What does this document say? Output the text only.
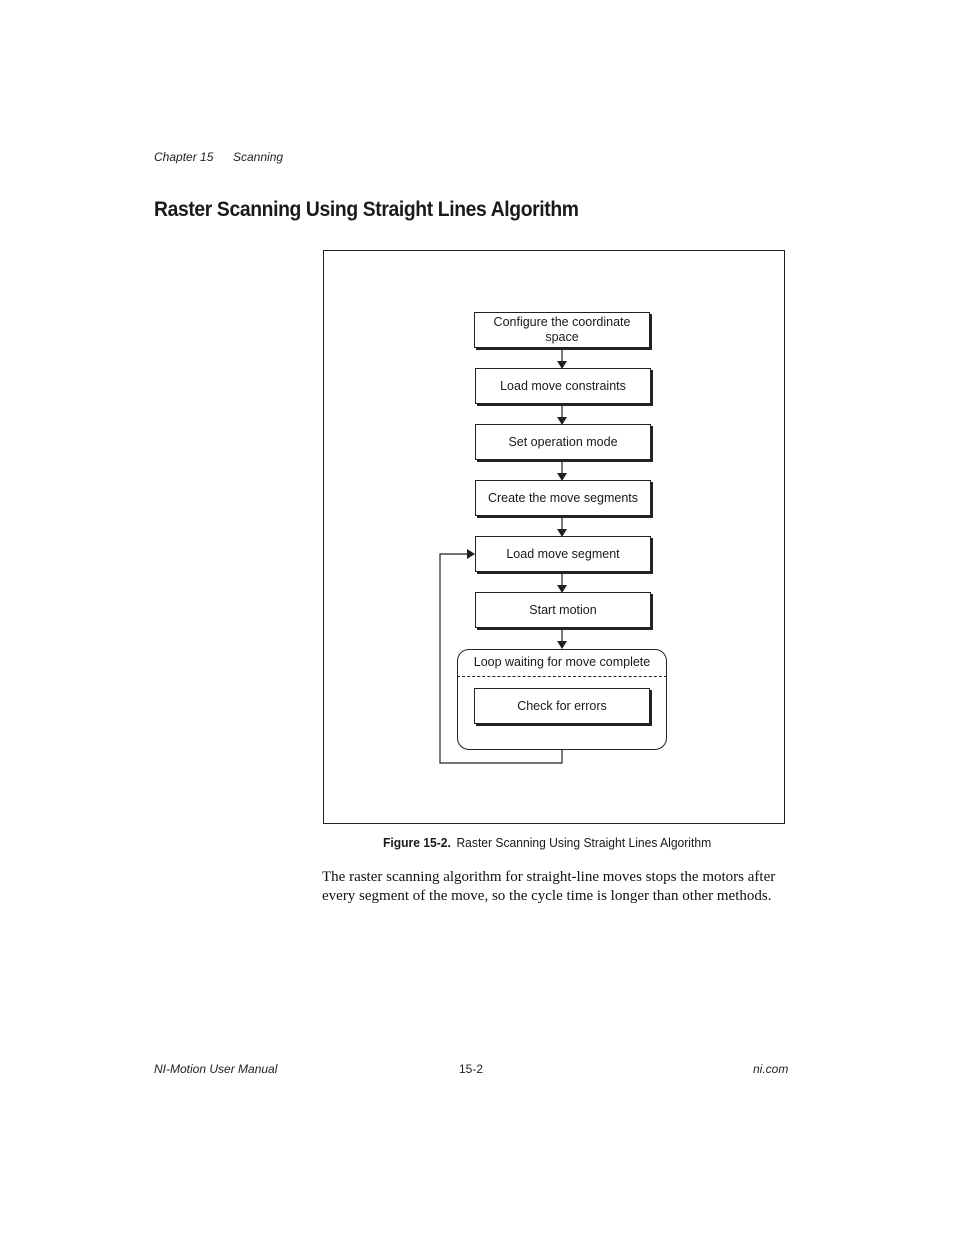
Chapter 15 Scanning
Raster Scanning Using Straight Lines Algorithm
Configure the coordinate space
Load move constraints
Set operation mode
Create the move segments
Load move segment
Start motion
Loop waiting for move complete
Check for errors
Figure 15-2. Raster Scanning Using Straight Lines Algorithm
The raster scanning algorithm for straight-line moves stops the motors after
every segment of the move, so the cycle time is longer than other methods.
NI-Motion User Manual	15-2	ni.com
